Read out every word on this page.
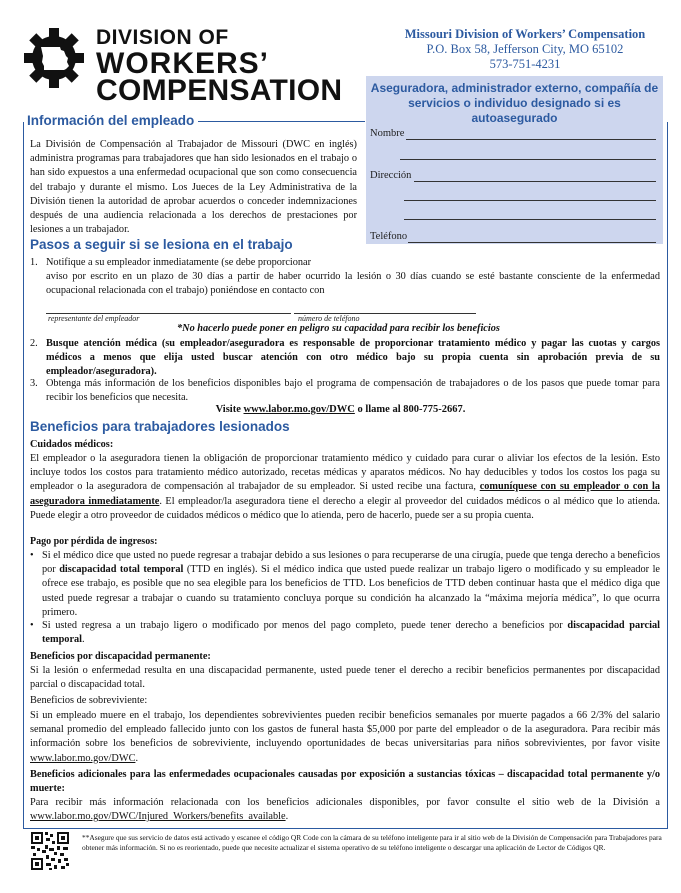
DIVISION OF
WORKERS’
COMPENSATION
Missouri Division of Workers’ Compensation
P.O. Box 58, Jefferson City, MO 65102
573-751-4231
Aseguradora, administrador externo, compañía de servicios o individuo designado si es autoasegurado
Nombre
Dirección
Teléfono
Información del empleado
La División de Compensación al Trabajador de Missouri (DWC en inglés) administra programas para trabajadores que han sido lesionados en el trabajo o han sido expuestos a una enfermedad ocupacional que son como consecuencia del trabajo y durante el mismo. Los Jueces de la Ley Administrativa de la División tienen la autoridad de aprobar acuerdos o conceder indemnizaciones después de una audiencia relacionada a los derechos de prestaciones por lesiones a un trabajador.
Pasos a seguir si se lesiona en el trabajo
1. Notifique a su empleador inmediatamente (se debe proporcionar
aviso por escrito en un plazo de 30 días a partir de haber ocurrido la lesión o 30 días cuando se esté bastante consciente de la enfermedad ocupacional relacionada con el trabajo) poniéndose en contacto con
representante del empleador	número de teléfono
*No hacerlo puede poner en peligro su capacidad para recibir los beneficios
2. Busque atención médica (su empleador/aseguradora es responsable de proporcionar tratamiento médico y pagar las cuotas y cargos médicos a menos que elija usted buscar atención con otro médico bajo su propia cuenta sin aprobación previa de su empleador/aseguradora).
3. Obtenga más información de los beneficios disponibles bajo el programa de compensación de trabajadores o de los pasos que puede tomar para recibir los beneficios que necesita.
Visite www.labor.mo.gov/DWC o llame al 800-775-2667.
Beneficios para trabajadores lesionados
Cuidados médicos:
El empleador o la aseguradora tienen la obligación de proporcionar tratamiento médico y cuidado para curar o aliviar los efectos de la lesión. Esto incluye todos los costos para tratamiento médico autorizado, recetas médicas y aparatos médicos. No hay deducibles y todos los costos los paga su empleador o la aseguradora de compensación al trabajador de su empleador. Si usted recibe una factura, comuníquese con su empleador o con la aseguradora inmediatamente. El empleador/la aseguradora tiene el derecho a elegir al proveedor del cuidados médicos o al médico que lo atienda. Puede elegir a otro proveedor de cuidados médicos o médico que lo atienda, pero de hacerlo, puede ser a su propia cuenta.
Pago por pérdida de ingresos:
• Si el médico dice que usted no puede regresar a trabajar debido a sus lesiones o para recuperarse de una cirugía, puede que tenga derecho a beneficios por discapacidad total temporal (TTD en inglés). Si el médico indica que usted puede realizar un trabajo ligero o modificado y su empleador le ofrece ese trabajo, es posible que no sea elegible para los beneficios de TTD. Los beneficios de TTD deben continuar hasta que el médico diga que usted puede regresar a trabajar o cuando su tratamiento concluya porque su condición ha alcanzado la “máxima mejoría médica”, lo que ocurra primero.
• Si usted regresa a un trabajo ligero o modificado por menos del pago completo, puede tener derecho a beneficios por discapacidad parcial temporal.
Beneficios por discapacidad permanente:
Si la lesión o enfermedad resulta en una discapacidad permanente, usted puede tener el derecho a recibir beneficios permanentes por discapacidad parcial o discapacidad total.
Beneficios de sobreviviente:
Si un empleado muere en el trabajo, los dependientes sobrevivientes pueden recibir beneficios semanales por muerte pagados a 66 2/3% del salario semanal promedio del empleado fallecido junto con los gastos de funeral hasta $5,000 por parte del empleador o de la aseguradora. Para recibir más información sobre los beneficios de sobreviviente, incluyendo oportunidades de becas universitarias para niños sobrevivientes, por favor visite www.labor.mo.gov/DWC.
Beneficios adicionales para las enfermedades ocupacionales causadas por exposición a sustancias tóxicas – discapacidad total permanente y/o muerte:
Para recibir más información relacionada con los beneficios adicionales disponibles, por favor consulte el sitio web de la División a www.labor.mo.gov/DWC/Injured_Workers/benefits_available.
**Asegure que sus servicio de datos está activado y escanee el código QR Code con la cámara de su teléfono inteligente para ir al sitio web de la División de Compensación para Trabajadores para obtener más información. Si no es reorientado, puede que necesite actualizar el sistema operativo de su teléfono inteligente o descargar una aplicación de Lector de Códigos QR.
